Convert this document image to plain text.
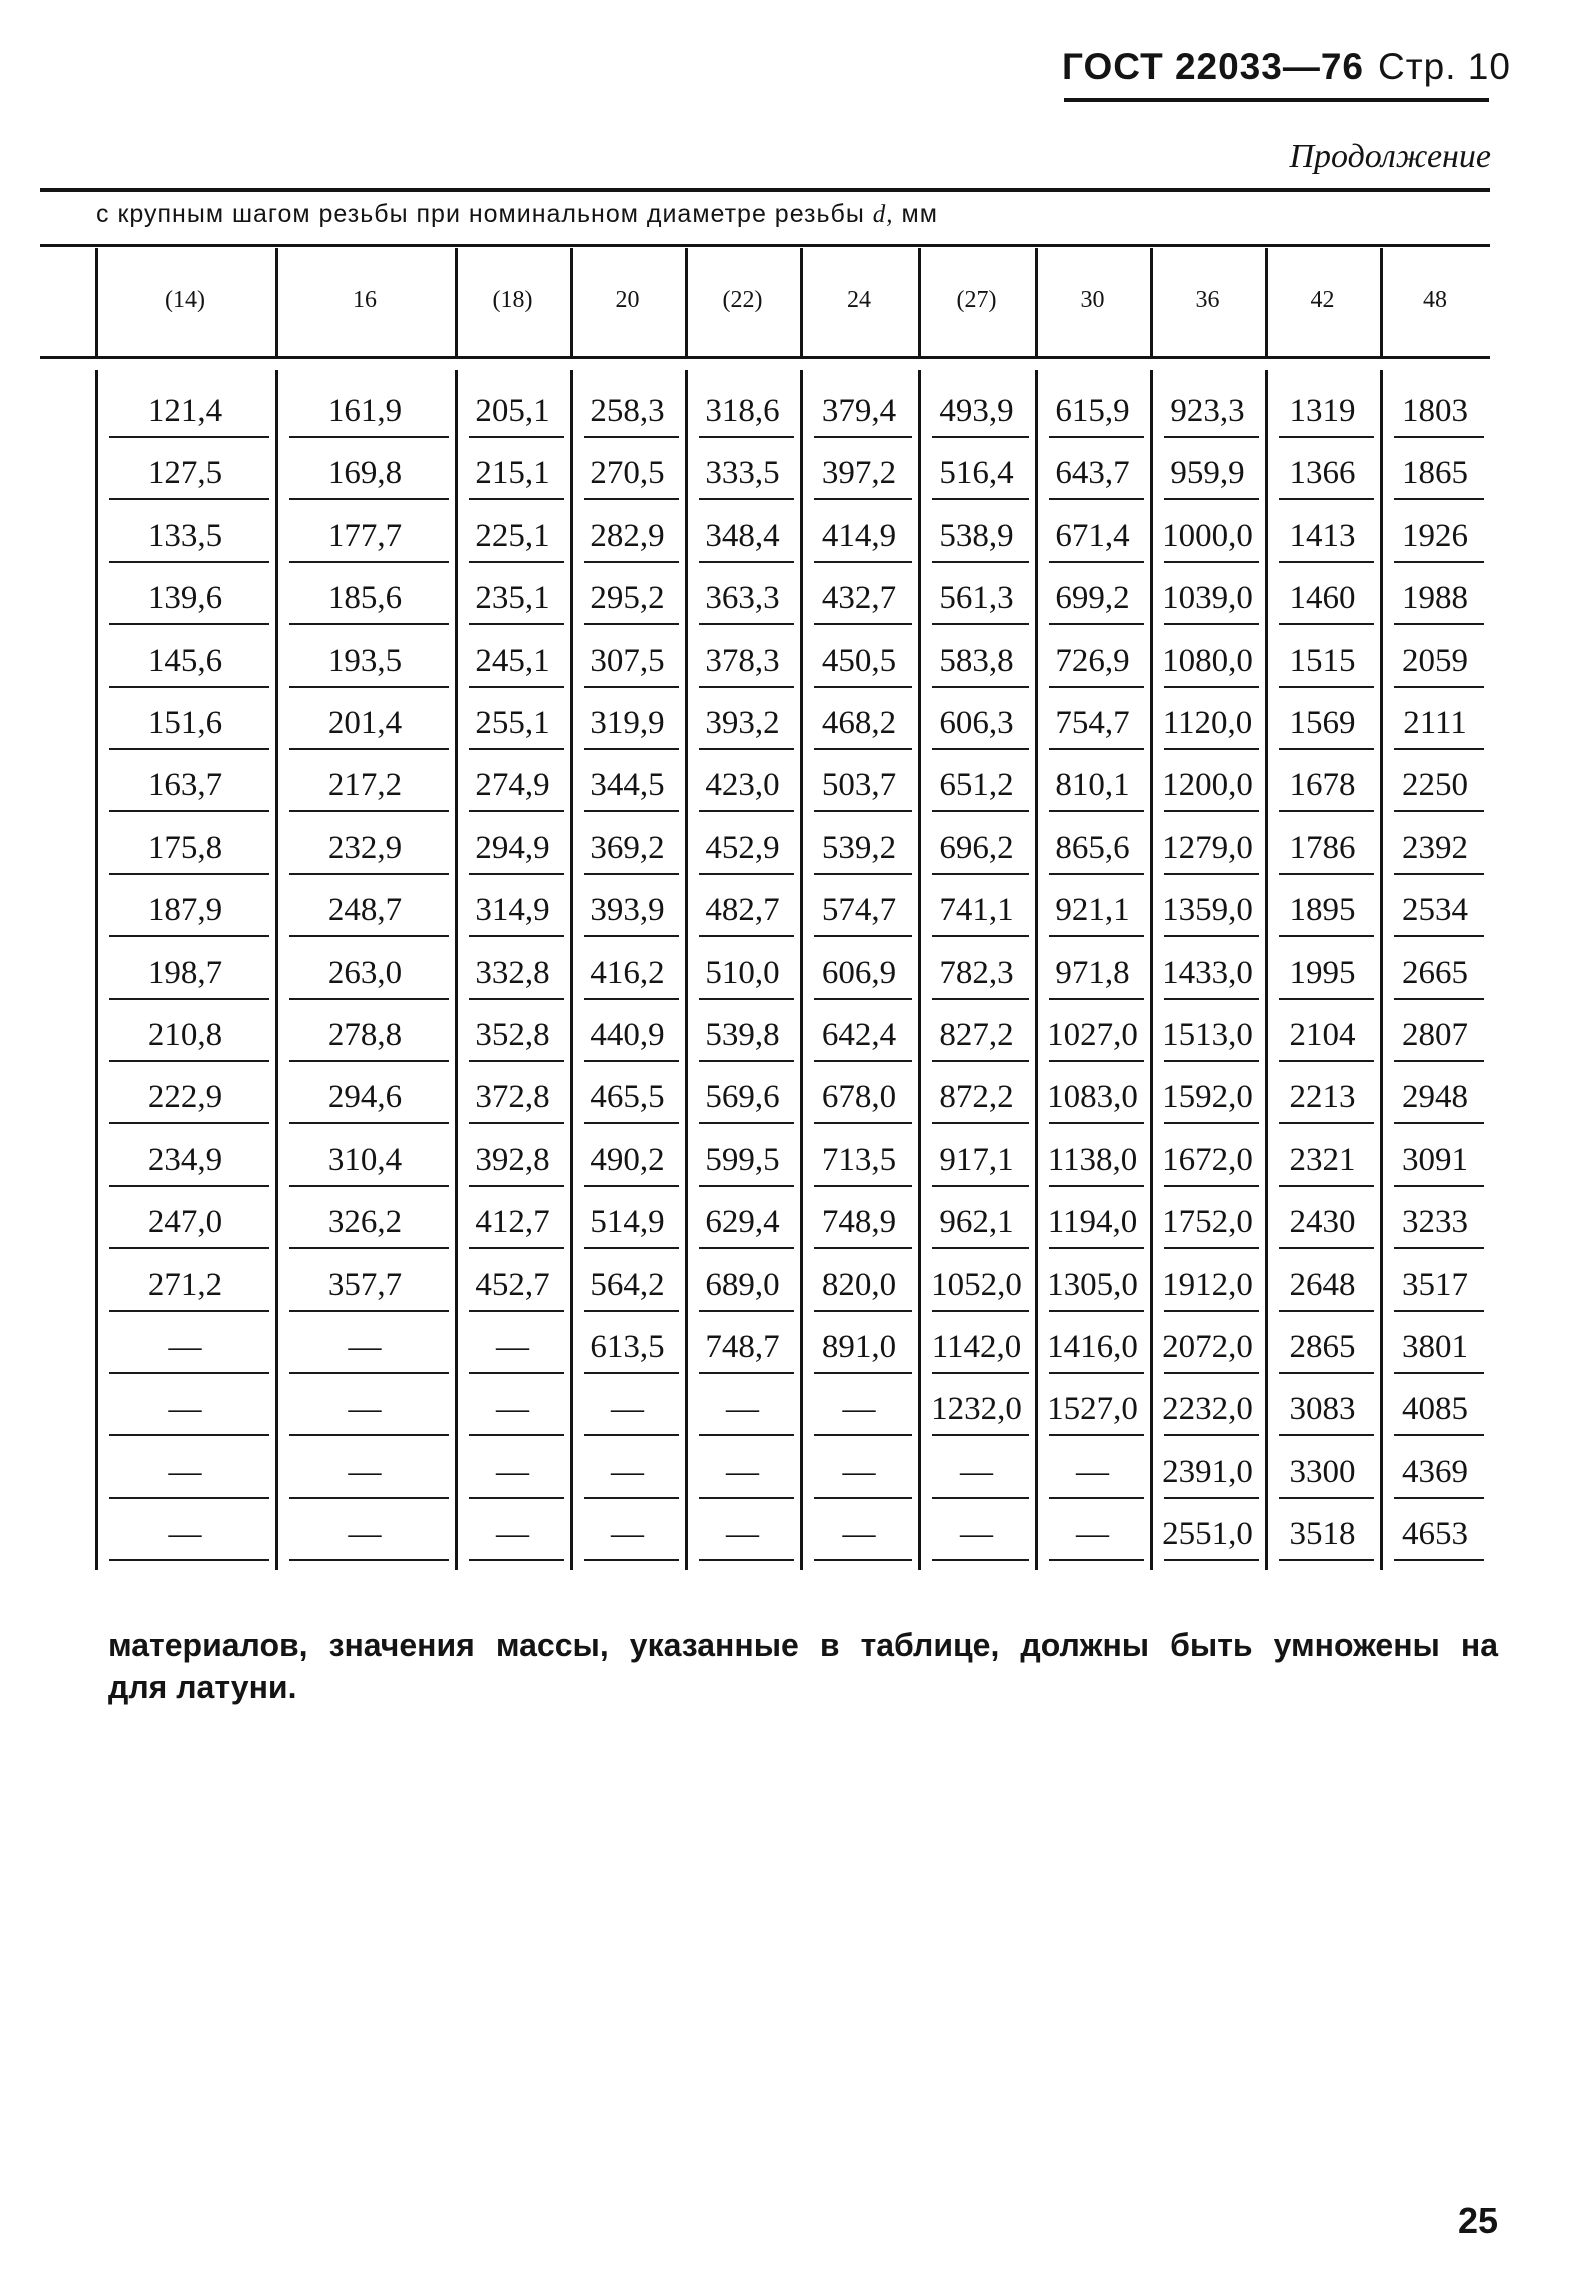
ГОСТ 22033—76 Стр. 10
Продолжение
с крупным шагом резьбы при номинальном диаметре резьбы d, мм
(14)	16	(18)	20	(22)	24	(27)	30	36	42	48
121,4	161,9	205,1	258,3	318,6	379,4	493,9	615,9	923,3	1319	1803
127,5	169,8	215,1	270,5	333,5	397,2	516,4	643,7	959,9	1366	1865
133,5	177,7	225,1	282,9	348,4	414,9	538,9	671,4 1000,0	1413	1926
139,6	185,6	235,1	295,2	363,3	432,7	561,3	699,2 1039,0	1460	1988
145,6	193,5	245,1	307,5	378,3	450,5	583,8	726,9 1080,0	1515	2059
151,6	201,4	255,1	319,9	393,2	468,2	606,3	754,7	1120,0	1569	2111
163,7	217,2	274,9	344,5	423,0	503,7	651,2	810,1 1200,0	1678	2250
175,8	232,9	294,9	369,2	452,9	539,2	696,2	865,6 1279,0	1786	2392
187,9	248,7	314,9	393,9	482,7	574,7	741,1	921,1 1359,0	1895	2534
198,7	263,0	332,8	416,2	510,0	606,9	782,3	971,8 1433,0	1995	2665
210,8	278,8	352,8	440,9	539,8	642,4	827,2	1027,0 1513,0	2104	2807
222,9	294,6	372,8	465,5	569,6	678,0	872,2	1083,0 1592,0	2213	2948
234,9	310,4	392,8	490,2	599,5	713,5	917,1	1138,0 1672,0	2321	3091
247,0	326,2	412,7	514,9	629,4	748,9	962,1	1194,0 1752,0	2430	3233
271,2	357,7	452,7	564,2	689,0	820,0	1052,0 1305,0 1912,0	2648	3517
—	—	—	613,5	748,7	891,0	1142,0 1416,0 2072,0	2865	3801
—	—	—	—	—	—	1232,0 1527,0 2232,0	3083	4085
—	—	—	—	—	—	—	—	2391,0	3300	4369
—	—	—	—	—	—	—	—	2551,0	3518	4653
материалов, значения массы, указанные в таблице, должны быть умножены на
для латуни.
25
